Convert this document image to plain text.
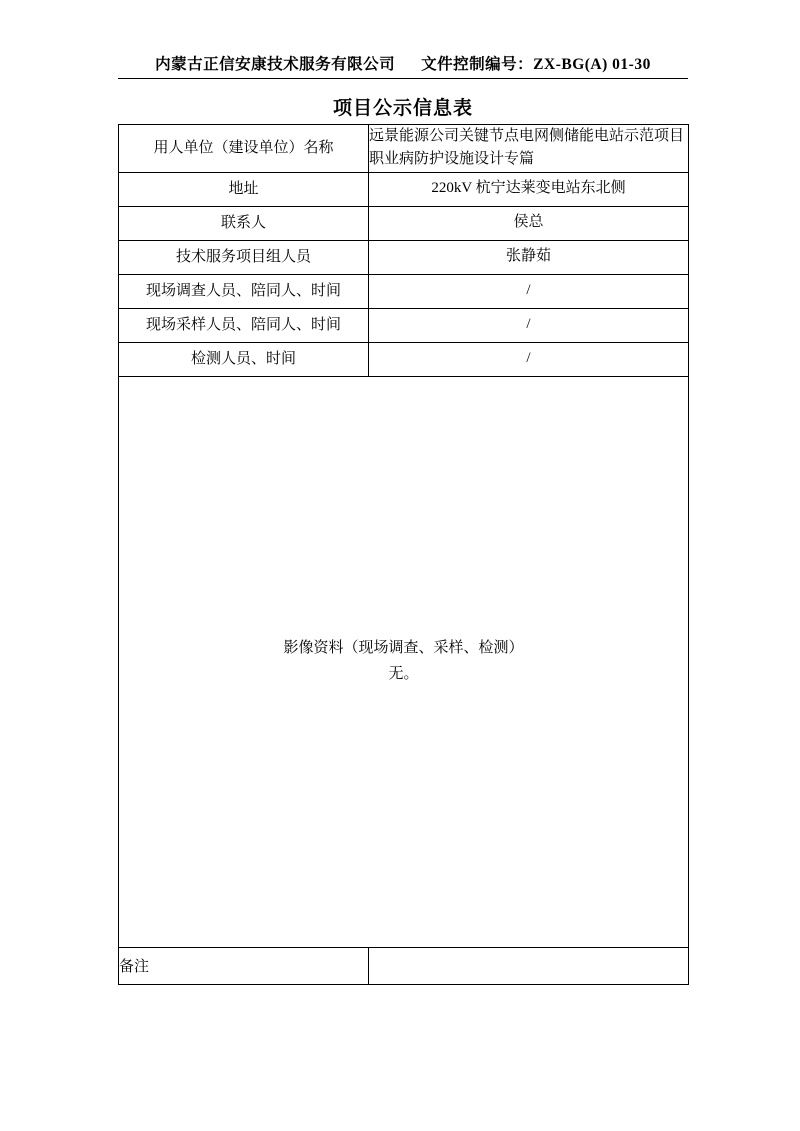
内蒙古正信安康技术服务有限公司 文件控制编号：ZX-BG(A) 01-30
项目公示信息表
用人单位（建设单位）名称	远景能源公司关键节点电网侧储能电站示范项目职业病防护设施设计专篇
地址	220kV 杭宁达莱变电站东北侧
联系人	侯总
技术服务项目组人员	张静茹
现场调查人员、陪同人、时间	/
现场采样人员、陪同人、时间	/
检测人员、时间	/

影像资料（现场调查、采样、检测）
无。	

备注	
